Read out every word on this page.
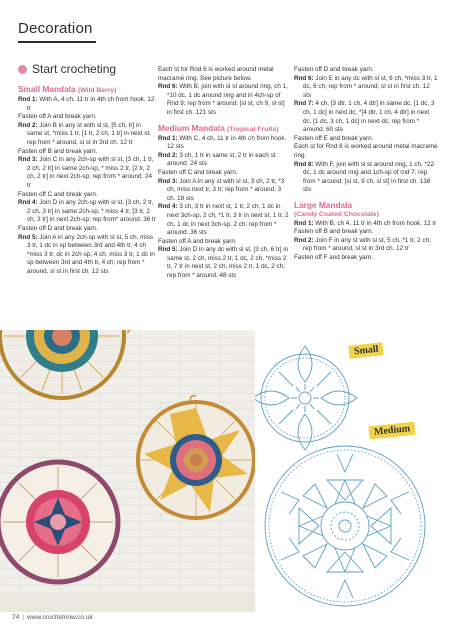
Decoration
Start crocheting

Small Mandala (Wild Berry)

Rnd 1: With A, 4 ch, 11 tr in 4th ch from hook. 12 tr

Fasten off A and break yarn.

Rnd 2: Join B in any st with sl st, [5 ch, tr] in same st, *miss 1 tr, [1 tr, 2 ch, 1 tr] in next st; rep from * around, sl st in 3rd ch. 12 tr

Fasten off B and break yarn.

Rnd 3: Join C in any 2ch-sp with sl st, [3 ch, 1 tr, 2 ch, 2 tr] in same 2ch-sp, * miss 2 tr, [2 tr, 2 ch, 2 tr] in next 2ch-sp; rep from * around. 24 tr

Fasten off C and break yarn.

Rnd 4: Join D in any 2ch-sp with sl st, [3 ch, 2 tr, 2 ch, 3 tr] in same 2ch-sp, * miss 4 tr, [3 tr, 2 ch, 3 tr] in next 2ch-sp; rep from* around. 36 tr

Fasten off D and break yarn.

Rnd 5: Join A in any 2ch-sp with sl st, 5 ch, miss 3 tr, 1 dc in sp between 3rd and 4th tr, 4 ch *miss 3 tr, dc in 2ch-sp, 4 ch, miss 3 tr, 1 dc in sp between 3rd and 4th tr, 4 ch; rep from * around, sl st in first ch. 12 sts

Each st for Rnd 6 is worked around metal macramé ring. See picture below.

Rnd 6: With B, join with sl st around ring, ch 1, *10 dc, 1 dc around ring and in 4ch-sp of Rnd 9; rep from * around; [sl st, ch 9, sl st] in first ch. 121 sts

Medium Mandala (Tropical Fruits)

Rnd 1: With C, 4 ch, 11 tr in 4th ch from hook. 12 sts

Rnd 2: 3 ch, 1 tr in same st, 2 tr in each st around. 24 sts

Fasten off C and break yarn.

Rnd 3: Join A in any st with sl st, 3 ch, 2 tr, *3 ch, miss next tr, 3 tr; rep from * around, 3 ch. 18 sts

Rnd 4: 3 ch, 3 tr in next st, 1 tr, 2 ch, 1 dc in next 3ch-sp, 2 ch, *1 tr, 3 tr in next st, 1 tr, 2 ch, 1 dc in next 3ch-sp, 2 ch; rep from * around. 36 sts

Fasten off A and break yarn.

Rnd 5: Join D in any dc with sl st, [3 ch, 6 tr] in same st, 2 ch, miss 2 tr, 1 dc, 2 ch, *miss 2 tr, 7 tr in next st, 2 ch, miss 2 tr, 1 dc, 2 ch; rep from * around. 48 sts

Fasten off D and break yarn.

Rnd 6: Join E in any dc with sl st, 6 ch, *miss 3 tr, 1 dc, 6 ch; rep from * around, sl st in first ch. 12 sts

Rnd 7: 4 ch, [3 dtr, 1 ch, 4 dtr] in same dc, [1 dc, 3 ch, 1 dc] in next dc, *[4 dtr, 1 ch, 4 dtr] in next dc, [1 dc, 3 ch, 1 dc] in next dc; rep from * around. 60 sts

Fasten off E and break yarn.

Each st for Rnd 8 is worked around metal macramé ring.

Rnd 8: With F, join with sl st around ring, 1 ch, *22 dc, 1 dc around ring and 1ch-sp of rnd 7; rep from * around; [sl st, 9 ch, sl st] in first ch. 138 sts

Large Mandala

(Candy Coated Chocolate)

Rnd 1: With B, ch 4, 11 tr in 4th ch from hook. 12 tr

Fasten off B and break yarn.

Rnd 2: Join F in any st with sl st, 5 ch, *1 tr, 2 ch; rep from * around, sl st in 3rd ch. 12 tr

Fasten off F and break yarn.

Small
Medium
74 | www.crochetnow.co.uk
